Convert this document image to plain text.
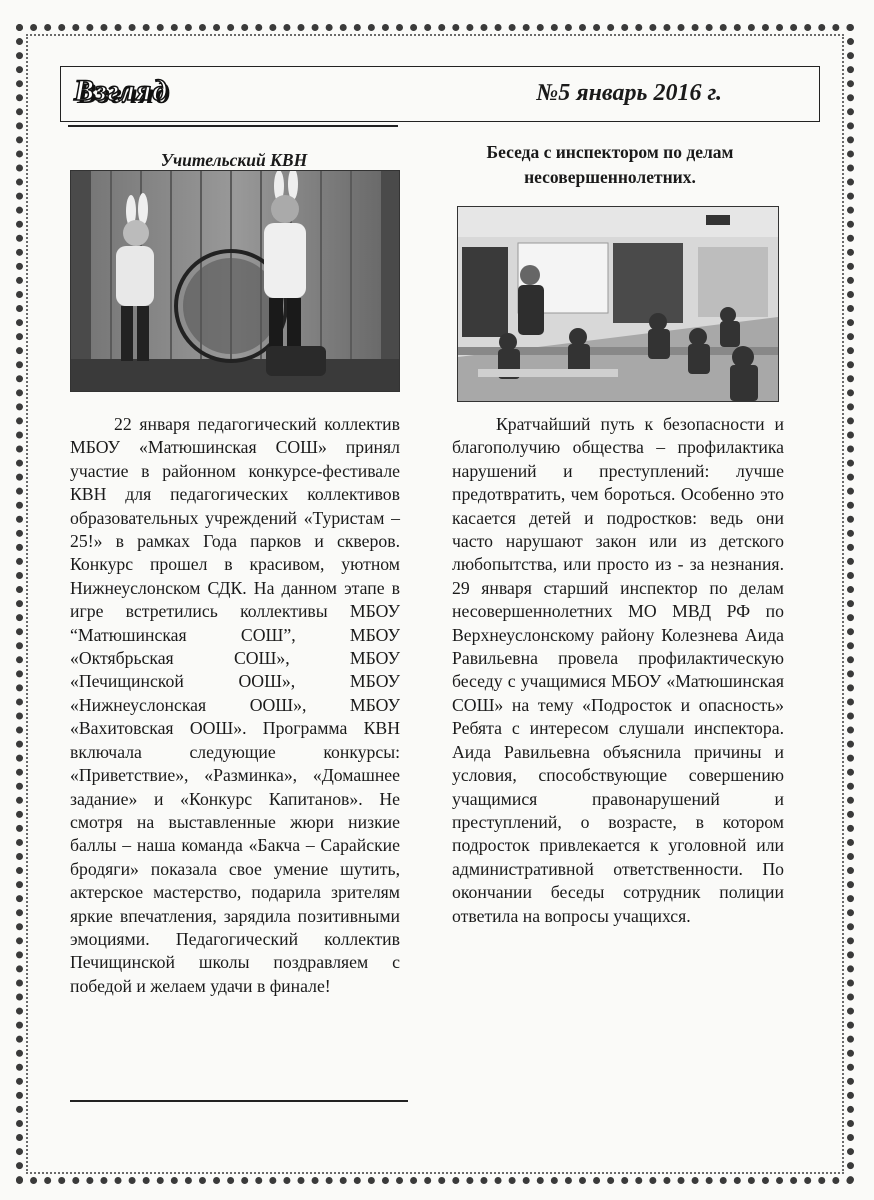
Взгляд	№5 январь 2016 г.
Учительский КВН
22 января педагогический коллектив МБОУ «Матюшинская СОШ» принял участие в районном конкурсе-фестивале КВН для педагогических коллективов образовательных учреждений «Туристам – 25!» в рамках Года парков и скверов. Конкурс прошел в красивом, уютном Нижнеуслонском СДК. На данном этапе в игре встретились коллективы МБОУ “Матюшинская СОШ”, МБОУ «Октябрьская СОШ», МБОУ «Печищинской ООШ», МБОУ «Нижнеуслонская ООШ», МБОУ «Вахитовская ООШ». Программа КВН включала следующие конкурсы: «Приветствие», «Разминка», «Домашнее задание» и «Конкурс Капитанов». Не смотря на выставленные жюри низкие баллы – наша команда «Бакча – Сарайские бродяги» показала свое умение шутить, актерское мастерство, подарила зрителям яркие впечатления, зарядила позитивными эмоциями. Педагогический коллектив Печищинской школы поздравляем с победой и желаем удачи в финале!
Беседа с инспектором по делам
несовершеннолетних.
Кратчайший путь к безопасности и благополучию общества – профилактика нарушений и преступлений: лучше предотвратить, чем бороться. Особенно это касается детей и подростков: ведь они часто нарушают закон или из детского любопытства, или просто из - за незнания. 29 января старший инспектор по делам несовершеннолетних МО МВД РФ по Верхнеуслонскому району Колезнева Аида Равильевна провела профилактическую беседу с учащимися МБОУ «Матюшинская СОШ» на тему «Подросток и опасность» Ребята с интересом слушали инспектора. Аида Равильевна объяснила причины и условия, способствующие совершению учащимися правонарушений и преступлений, о возрасте, в котором подросток привлекается к уголовной или административной ответственности. По окончании беседы сотрудник полиции ответила на вопросы учащихся.
